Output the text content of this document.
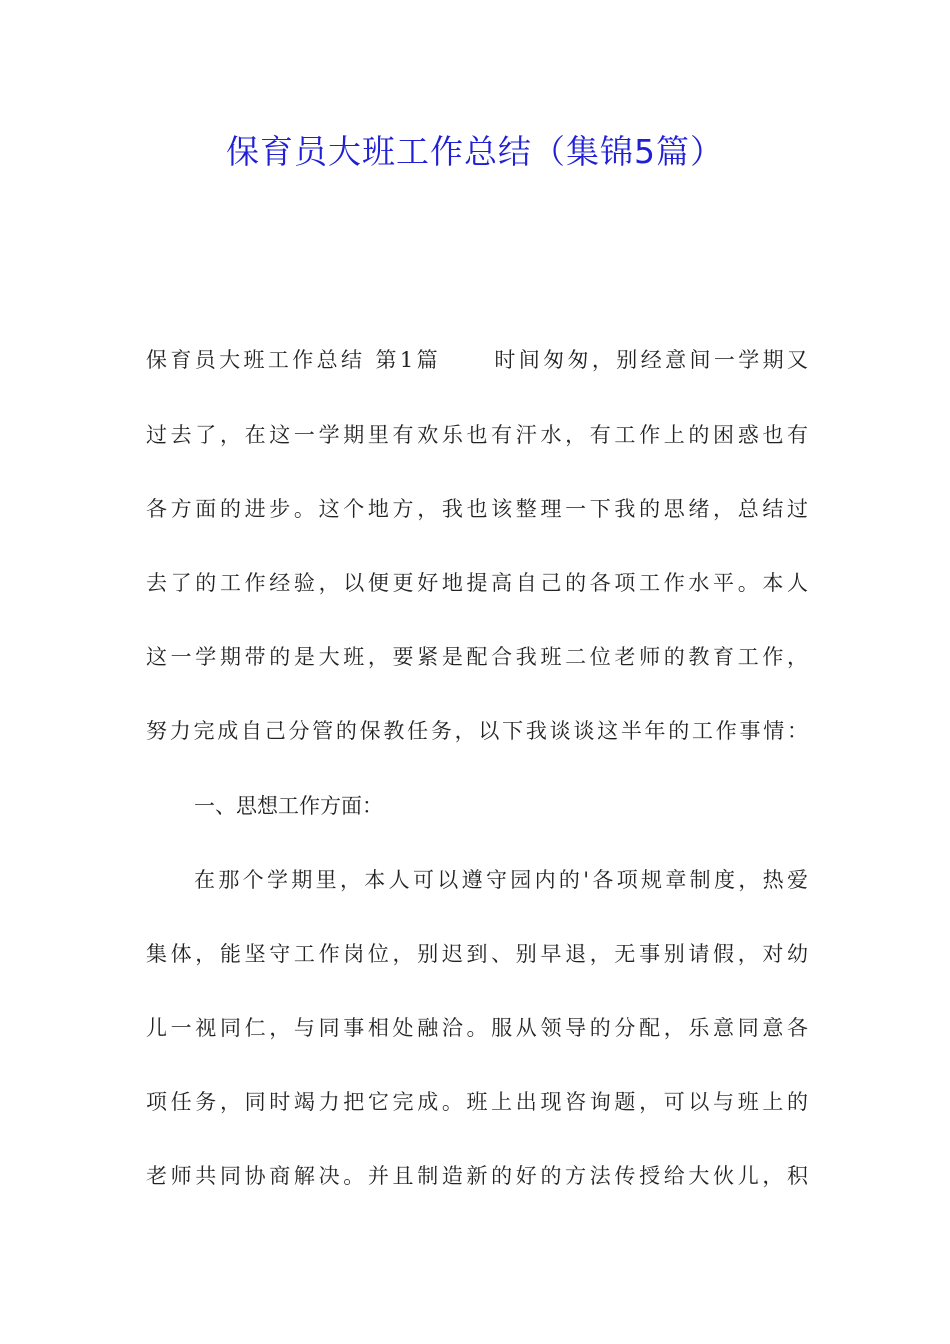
保育员大班工作总结（集锦5篇）
保育员大班工作总结 第1篇 时间匆匆，别经意间一学期又
过去了，在这一学期里有欢乐也有汗水，有工作上的困惑也有
各方面的进步。这个地方，我也该整理一下我的思绪，总结过
去了的工作经验，以便更好地提高自己的各项工作水平。本人
这一学期带的是大班，要紧是配合我班二位老师的教育工作，
努力完成自己分管的保教任务，以下我谈谈这半年的工作事情：
一、思想工作方面：
在那个学期里，本人可以遵守园内的'各项规章制度，热爱
集体，能坚守工作岗位，别迟到、别早退，无事别请假，对幼
儿一视同仁，与同事相处融洽。服从领导的分配，乐意同意各
项任务，同时竭力把它完成。班上出现咨询题，可以与班上的
老师共同协商解决。并且制造新的好的方法传授给大伙儿，积
